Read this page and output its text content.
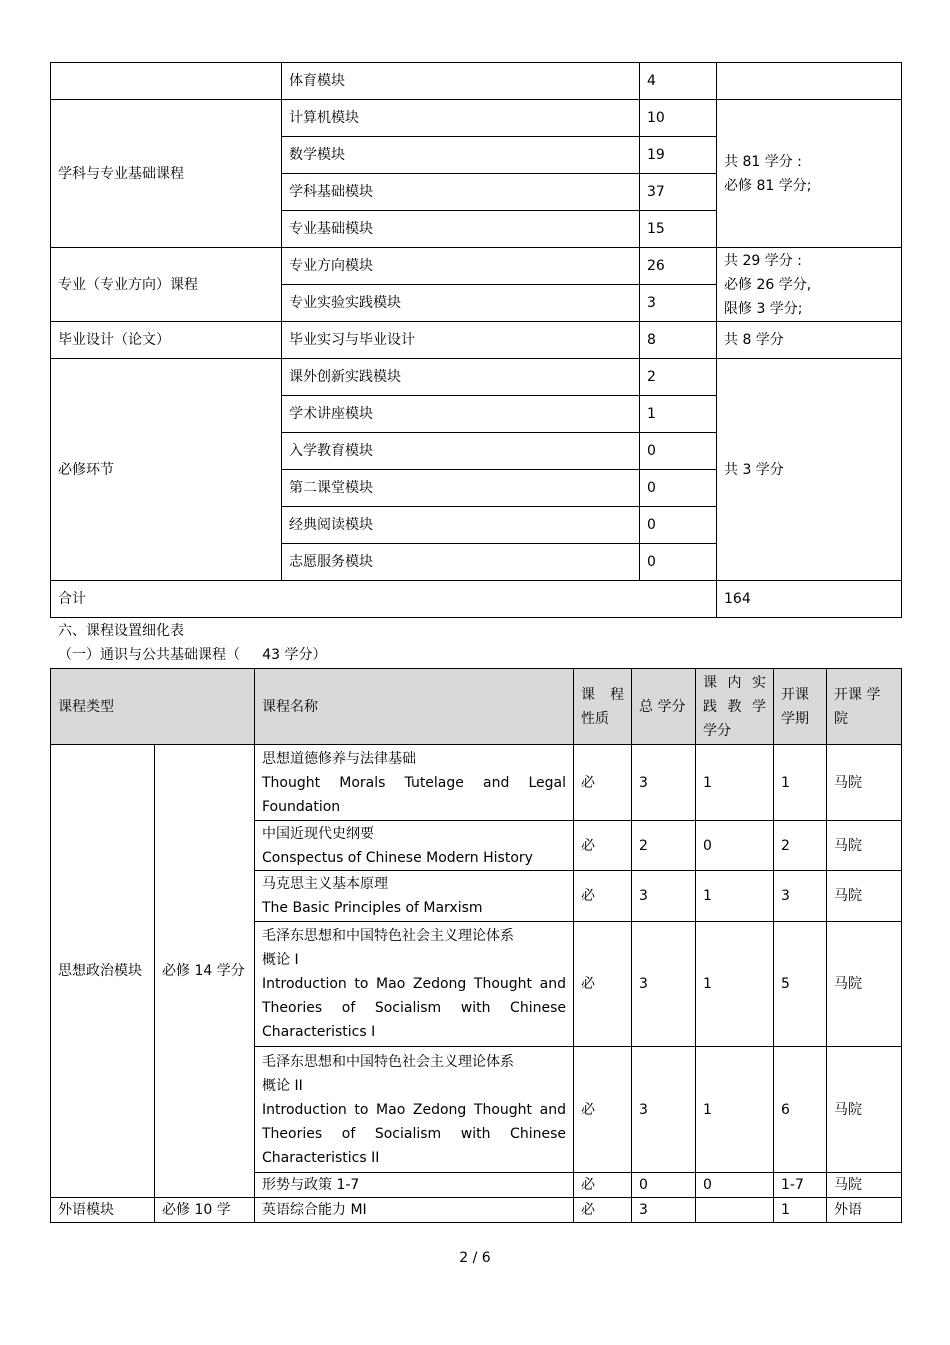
	体育模块	4	
学科与专业基础课程	计算机模块	10	共 81 学分 :
必修 81 学分;
	数学模块	19	
	学科基础模块	37	
	专业基础模块	15	
专业（专业方向）课程	专业方向模块	26	共 29 学分 :
必修 26 学分,
限修 3 学分;
	专业实验实践模块	3	
毕业设计（论文）	毕业实习与毕业设计	8	共 8 学分
必修环节	课外创新实践模块	2	共 3 学分
	学术讲座模块	1	
	入学教育模块	0	
	第二课堂模块	0	
	经典阅读模块	0	
	志愿服务模块	0	
合计			164
六、课程设置细化表
（一）通识与公共基础课程（     43 学分）
课程类型		课程名称	课 程 性质	总 学分	课 内 实 践 教 学 学分	开课 学期	开课 学院
思想政治模块	必修 14 学分	思想道德修养与法律基础
Thought Morals Tutelage and Legal
Foundation	必	3	1	1	马院

		中国近现代史纲要
Conspectus of Chinese Modern History	必	2	0	2	马院

		马克思主义基本原理
The Basic Principles of Marxism	必	3	1	3	马院

		毛泽东思想和中国特色社会主义理论体系
概论 I
Introduction to Mao Zedong Thought and
Theories of Socialism with Chinese
Characteristics I	必	3	1	5	马院

		毛泽东思想和中国特色社会主义理论体系
概论 II
Introduction to Mao Zedong Thought and
Theories of Socialism with Chinese
Characteristics II	必	3	1	6	马院

		形势与政策 1-7	必	0	0	1-7	马院
外语模块	必修 10 学	英语综合能力 MⅠ	必	3		1	外语
2 / 6
